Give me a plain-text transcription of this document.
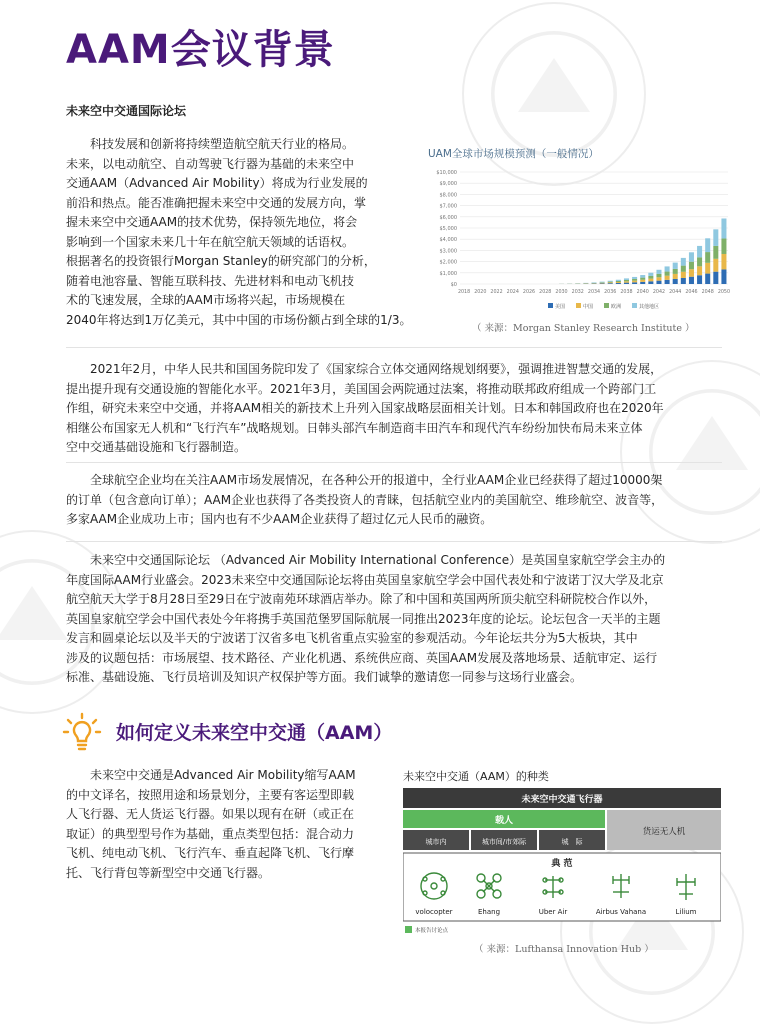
AAM会议背景
未来空中交通国际论坛
　　科技发展和创新将持续塑造航空航天行业的格局。
未来，以电动航空、自动驾驶飞行器为基础的未来空中
交通AAM（Advanced Air Mobility）将成为行业发展的
前沿和热点。能否准确把握未来空中交通的发展方向，掌
握未来空中交通AAM的技术优势，保持领先地位，将会
影响到一个国家未来几十年在航空航天领域的话语权。
根据著名的投资银行Morgan Stanley的研究部门的分析，
随着电池容量、智能互联科技、先进材料和电动飞机技
术的飞速发展，全球的AAM市场将兴起，市场规模在
2040年将达到1万亿美元，其中中国的市场份额占到全球的1/3。
UAM全球市场规模预测（一般情况）
$0
$1,000
$2,000
$3,000
$4,000
$5,000
$6,000
$7,000
$8,000
$9,000
$10,000
2018 2020 2022 2024 2026 2028 2030 2032 2034 2036 2038 2040 2042 2044 2046 2048 2050
美国	中国	欧洲	其他地区
（ 来源：Morgan Stanley Research Institute ）
　　2021年2月，中华人民共和国国务院印发了《国家综合立体交通网络规划纲要》，强调推进智慧交通的发展，
提出提升现有交通设施的智能化水平。2021年3月，美国国会两院通过法案，将推动联邦政府组成一个跨部门工
作组，研究未来空中交通，并将AAM相关的新技术上升列入国家战略层面相关计划。日本和韩国政府也在2020年
相继公布国家无人机和“飞行汽车”战略规划。日韩头部汽车制造商丰田汽车和现代汽车纷纷加快布局未来立体
空中交通基础设施和飞行器制造。
　　全球航空企业均在关注AAM市场发展情况，在各种公开的报道中，全行业AAM企业已经获得了超过10000架
的订单（包含意向订单）；AAM企业也获得了各类投资人的青睐，包括航空业内的美国航空、维珍航空、波音等，
多家AAM企业成功上市；国内也有不少AAM企业获得了超过亿元人民币的融资。
　　未来空中交通国际论坛 （Advanced Air Mobility International Conference）是英国皇家航空学会主办的
年度国际AAM行业盛会。2023未来空中交通国际论坛将由英国皇家航空学会中国代表处和宁波诺丁汉大学及北京
航空航天大学于8月28日至29日在宁波南苑环球酒店举办。除了和中国和英国两所顶尖航空科研院校合作以外，
英国皇家航空学会中国代表处今年将携手英国范堡罗国际航展一同推出2023年度的论坛。论坛包含一天半的主题
发言和圆桌论坛以及半天的宁波诺丁汉省多电飞机省重点实验室的参观活动。今年论坛共分为5大板块，其中
涉及的议题包括：市场展望、技术路径、产业化机遇、系统供应商、英国AAM发展及落地场景、适航审定、运行
标准、基础设施、飞行员培训及知识产权保护等方面。我们诚挚的邀请您一同参与这场行业盛会。
如何定义未来空中交通（AAM）
　　未来空中交通是Advanced Air Mobility缩写AAM
的中文译名，按照用途和场景划分，主要有客运型即载
人飞行器、无人货运飞行器。如果以现有在研（或正在
取证）的典型型号作为基础，重点类型包括：混合动力
飞机、纯电动飞机、飞行汽车、垂直起降飞机、飞行摩
托、飞行背包等新型空中交通飞行器。
未来空中交通（AAM）的种类
未来空中交通飞行器
载人
货运无人机
城市内	城市间/市郊际	城　际
典 范
volocopter	Ehang	Uber Air	Airbus Vahana	Lilium
本报告讨论点
（ 来源：Lufthansa Innovation Hub ）
